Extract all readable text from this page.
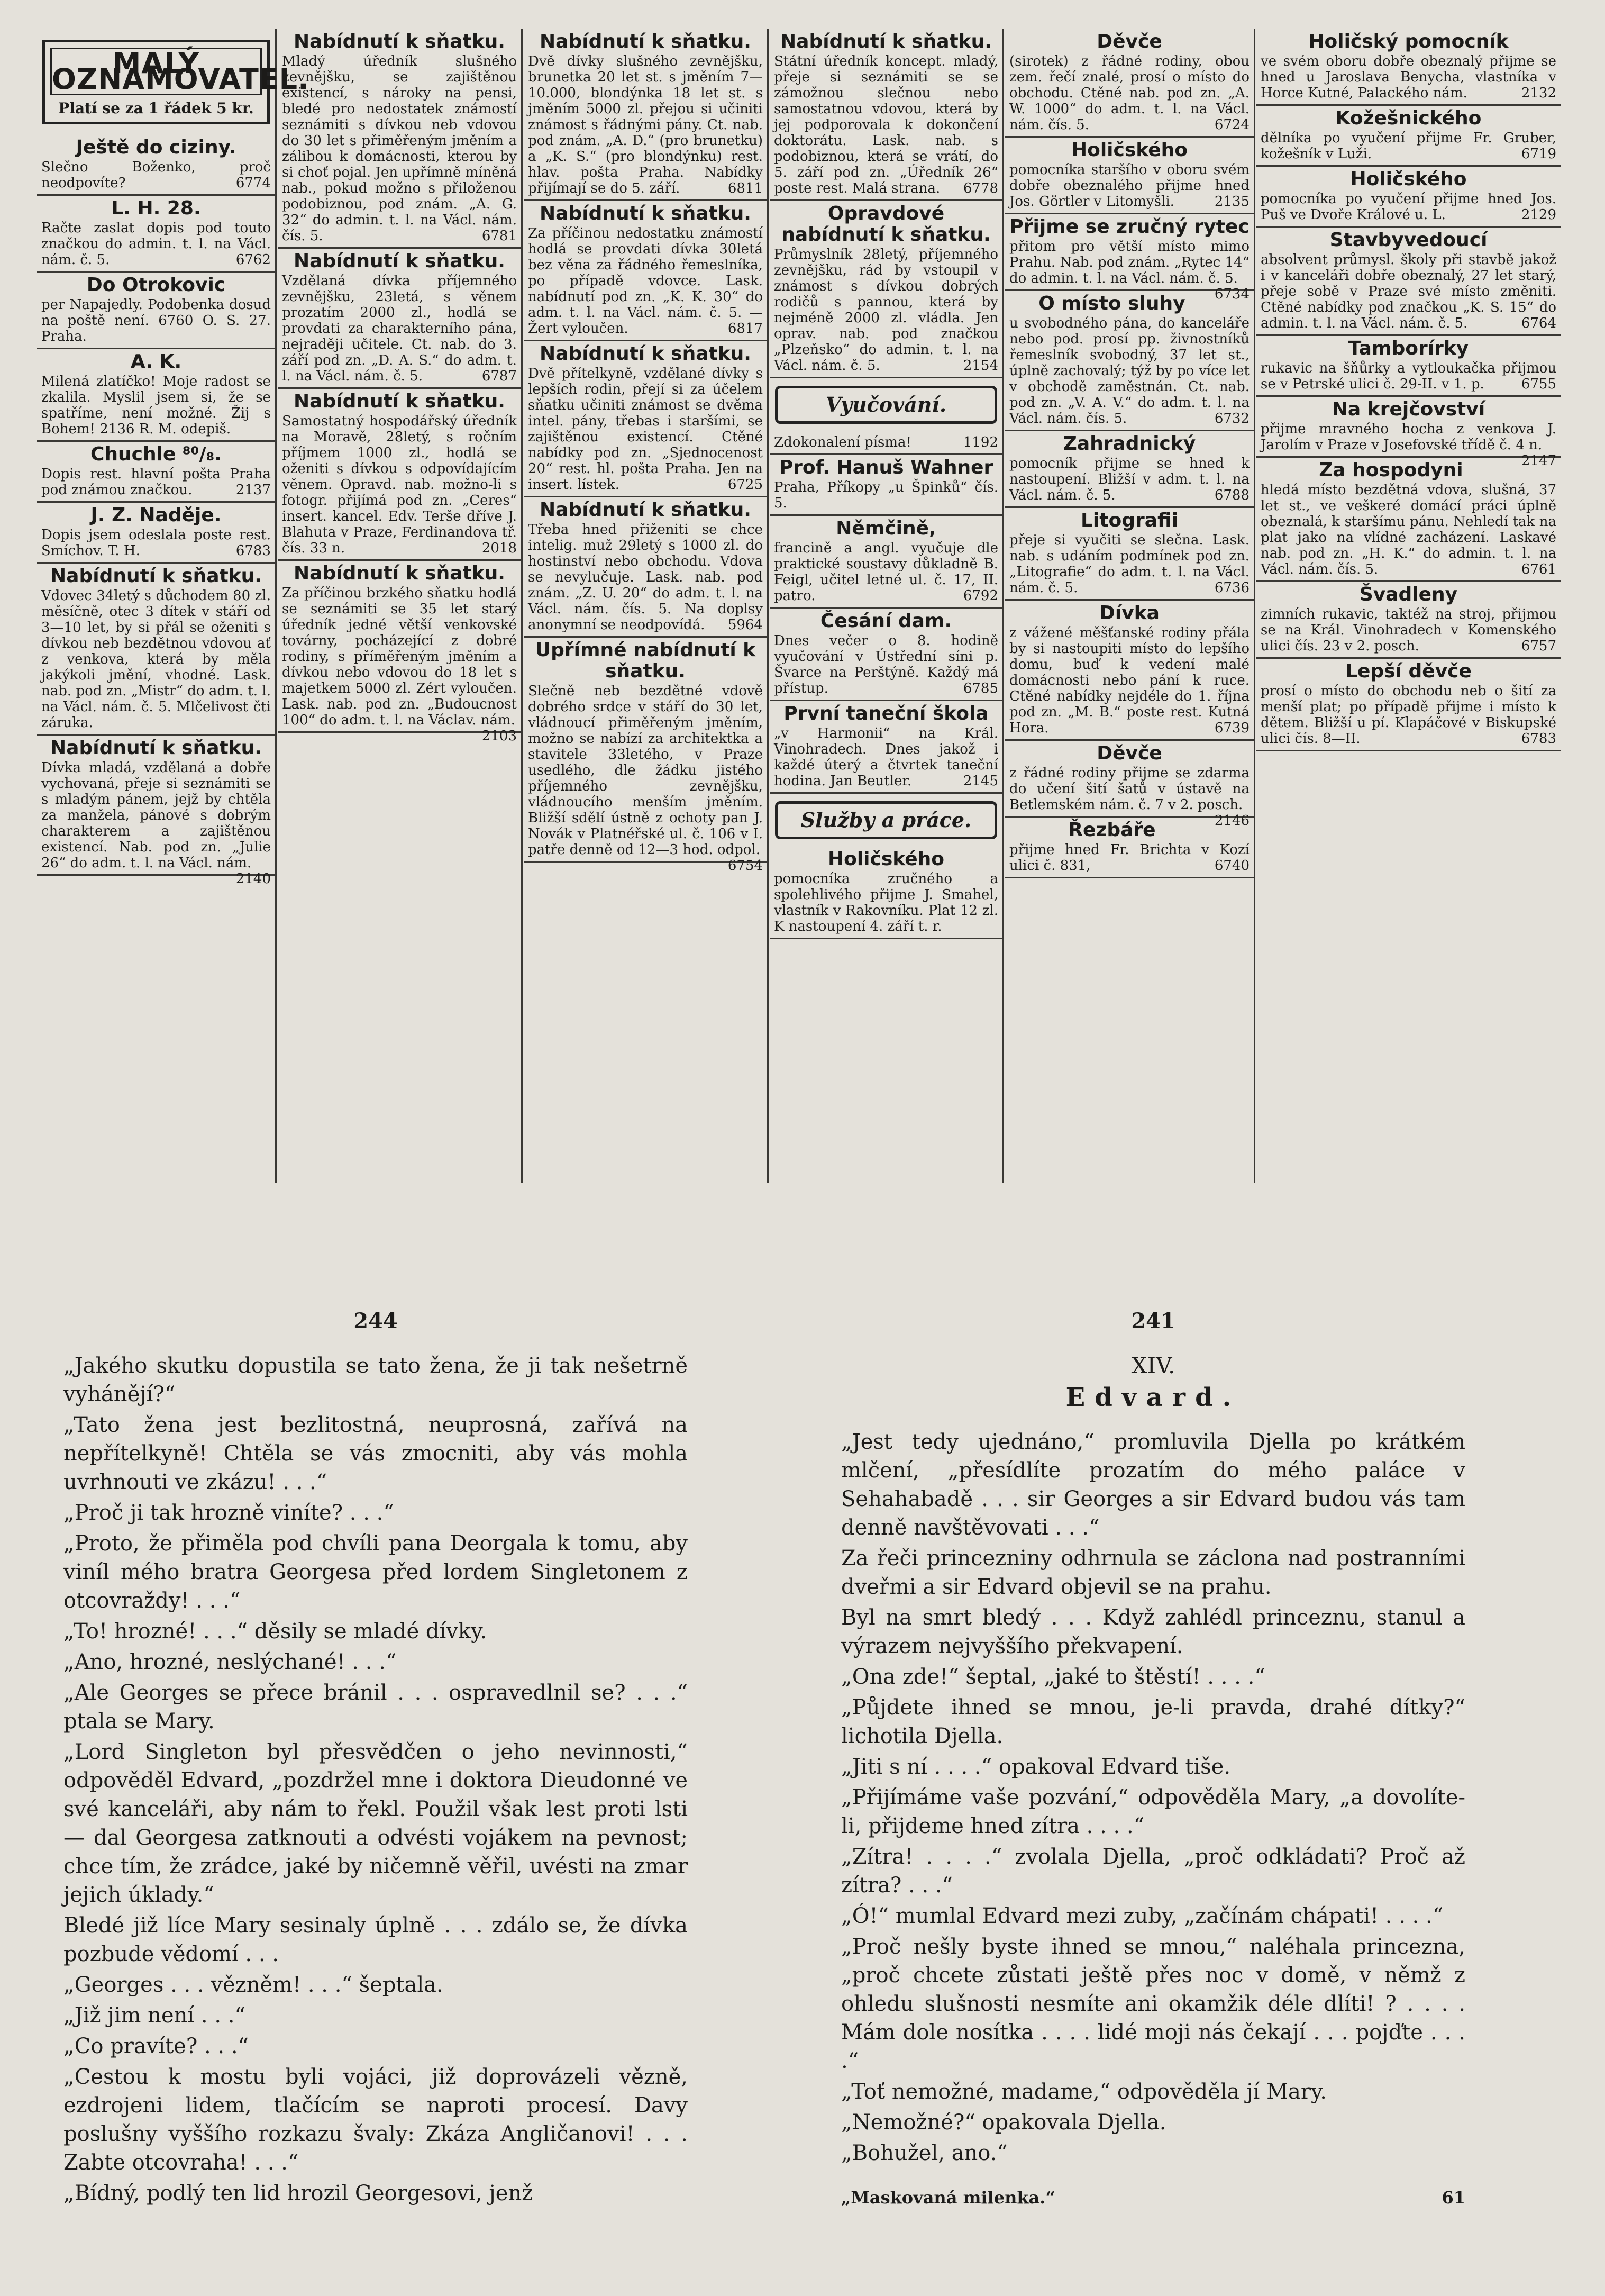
MALÝ OZNAMOVATEL.
Platí se za 1 řádek 5 kr.
Ještě do ciziny.

Slečno Boženko, proč neodpovíte?	6774

L. H. 28.

Račte zaslat dopis pod touto značkou do admin. t. l. na Václ. nám. č. 5.	6762

Do Otrokovic

per Napajedly. Podobenka dosud na poště není. 6760 O. S. 27. Praha.

A. K.

Milená zlatíčko! Moje radost se zkalila. Myslil jsem si, že se spatříme, není možné. Žij s Bohem! 2136 R. M. odepiš.

Chuchle ⁸⁰/₈.

Dopis rest. hlavní pošta Praha pod známou značkou.	2137

J. Z. Naděje.

Dopis jsem odeslala poste rest. Smíchov. T. H.	6783

Nabídnutí k sňatku.

Vdovec 34letý s důchodem 80 zl. měsíčně, otec 3 dítek v stáří od 3—10 let, by si přál se oženiti s dívkou neb bezdětnou vdovou ať z venkova, která by měla jakýkoli jmění, vhodné. Lask. nab. pod zn. „Mistr“ do adm. t. l. na Václ. nám. č. 5. Mlčelivost čti záruka.

Nabídnutí k sňatku.

Dívka mladá, vzdělaná a dobře vychovaná, přeje si seznámiti se s mladým pánem, jejž by chtěla za manžela, pánové s dobrým charakterem a zajištěnou existencí. Nab. pod zn. „Julie 26“ do adm. t. l. na Václ. nám.
2140

Nabídnutí k sňatku.

Mladý úředník slušného zevnějšku, se zajištěnou existencí, s nároky na pensi, bledé pro nedostatek známostí seznámiti s dívkou neb vdovou do 30 let s přiměřeným jměním a zálibou k domácnosti, kterou by si choť pojal. Jen upřímně míněná nab., pokud možno s přiloženou podobiznou, pod znám. „A. G. 32“ do admin. t. l. na Václ. nám. čís. 5.	6781

Nabídnutí k sňatku.

Vzdělaná dívka příjemného zevnějšku, 23letá, s věnem prozatím 2000 zl., hodlá se provdati za charakterního pána, nejraději učitele. Ct. nab. do 3. září pod zn. „D. A. S.“ do adm. t. l. na Václ. nám. č. 5.	6787

Nabídnutí k sňatku.

Samostatný hospodářský úředník na Moravě, 28letý, s ročním příjmem 1000 zl., hodlá se oženiti s dívkou s odpovídajícím věnem. Opravd. nab. možno-li s fotogr. přijímá pod zn. „Ceres“ insert. kancel. Edv. Terše dříve J. Blahuta v Praze, Ferdinandova tř. čís. 33 n.	2018

Nabídnutí k sňatku.

Za příčinou brzkého sňatku hodlá se seznámiti se 35 let starý úředník jedné větší venkovské továrny, pocházející z dobré rodiny, s příměřeným jměním a dívkou nebo vdovou do 18 let s majetkem 5000 zl. Zért vyloučen. Lask. nab. pod zn. „Budoucnost 100“ do adm. t. l. na Václav. nám.
2103

Nabídnutí k sňatku.

Dvě dívky slušného zevnějšku, brunetka 20 let st. s jměním 7—10.000, blondýnka 18 let st. s jměním 5000 zl. přejou si učiniti známost s řádnými pány. Ct. nab. pod znám. „A. D.“ (pro brunetku) a „K. S.“ (pro blondýnku) rest. hlav. pošta Praha. Nabídky přijímají se do 5. září.	6811

Nabídnutí k sňatku.

Za příčinou nedostatku známostí hodlá se provdati dívka 30letá bez věna za řádného řemeslníka, po případě vdovce. Lask. nabídnutí pod zn. „K. K. 30“ do adm. t. l. na Václ. nám. č. 5. — Žert vyloučen.	6817

Nabídnutí k sňatku.

Dvě přítelkyně, vzdělané dívky s lepších rodin, přejí si za účelem sňatku učiniti známost se dvěma intel. pány, třebas i staršími, se zajištěnou existencí. Ctěné nabídky pod zn. „Sjednocenost 20“ rest. hl. pošta Praha. Jen na insert. lístek.	6725

Nabídnutí k sňatku.

Třeba hned přiženiti se chce intelig. muž 29letý s 1000 zl. do hostinství nebo obchodu. Vdova se nevylučuje. Lask. nab. pod znám. „Z. U. 20“ do adm. t. l. na Václ. nám. čís. 5. Na doplsy anonymní se neodpovídá. 5964

Upřímné nabídnutí k sňatku.

Slečně neb bezdětné vdově dobrého srdce v stáří do 30 let, vládnoucí přiměřeným jměním, možno se nabízí za architektka a stavitele 33letého, v Praze usedlého, dle žádku jistého příjemného zevnějšku, vládnoucího menším jměním. Bližší sdělí ústně z ochoty pan J. Novák v Platnéřské ul. č. 106 v I. patře denně od 12—3 hod. odpol.
6754

Nabídnutí k sňatku.

Státní úředník koncept. mladý, přeje si seznámiti se se zámožnou slečnou nebo samostatnou vdovou, která by jej podporovala k dokončení doktorátu. Lask. nab. s podobiznou, která se vrátí, do 5. září pod zn. „Úředník 26“ poste rest. Malá strana. 6778

Opravdové nabídnutí k sňatku.

Průmyslník 28letý, příjemného zevnějšku, rád by vstoupil v známost s dívkou dobrých rodičů s pannou, která by nejméně 2000 zl. vládla. Jen oprav. nab. pod značkou „Plzeňsko“ do admin. t. l. na Václ. nám. č. 5.	2154

Vyučování.

Zdokonalení písma!	1192

Prof. Hanuš Wahner

Praha, Příkopy „u Špinků“ čís. 5.

Němčině,

francině a angl. vyučuje dle praktické soustavy důkladně B. Feigl, učitel letné ul. č. 17, II. patro.	6792

Česání dam.

Dnes večer o 8. hodině vyučování v Ústřední síni p. Švarce na Perštýně. Každý má přístup.	6785

První taneční škola

„v Harmonii“ na Král. Vinohradech. Dnes jakož i každé úterý a čtvrtek taneční hodina. Jan Beutler.	2145

Služby a práce.
Holičského

pomocníka zručného a spolehlivého přijme J. Smahel, vlastník v Rakovníku. Plat 12 zl. K nastoupení 4. září t. r.

Děvče

(sirotek) z řádné rodiny, obou zem. řečí znalé, prosí o místo do obchodu. Ctěné nab. pod zn. „A. W. 1000“ do adm. t. l. na Václ. nám. čís. 5.	6724

Holičského

pomocníka staršího v oboru svém dobře obeznalého přijme hned Jos. Görtler v Litomyšli.	2135

Přijme se zručný rytec

přitom pro větší místo mimo Prahu. Nab. pod znám. „Rytec 14“ do admin. t. l. na Václ. nám. č. 5.
6734

O místo sluhy

u svobodného pána, do kanceláře nebo pod. prosí pp. živnostníků řemeslník svobodný, 37 let st., úplně zachovalý; týž by po více let v obchodě zaměstnán. Ct. nab. pod zn. „V. A. V.“ do adm. t. l. na Václ. nám. čís. 5.	6732

Zahradnický

pomocník přijme se hned k nastoupení. Bližší v adm. t. l. na Václ. nám. č. 5.	6788

Litografii

přeje si vyučiti se slečna. Lask. nab. s udáním podmínek pod zn. „Litografie“ do adm. t. l. na Václ. nám. č. 5.	6736

Dívka

z vážené měšťanské rodiny přála by si nastoupiti místo do lepšího domu, buď k vedení malé domácnosti nebo pání k ruce. Ctěné nabídky nejdéle do 1. října pod zn. „M. B.“ poste rest. Kutná Hora.	6739

Děvče

z řádné rodiny přijme se zdarma do učení šití šatů v ústavě na Betlemském nám. č. 7 v 2. posch.
2146

Řezbáře

přijme hned Fr. Brichta v Kozí ulici č. 831,	6740

Holičský pomocník

ve svém oboru dobře obeznalý přijme se hned u Jaroslava Benycha, vlastníka v Horce Kutné, Palackého nám.	2132

Kožešnického

dělníka po vyučení přijme Fr. Gruber, kožešník v Luži.	6719

Holičského

pomocníka po vyučení přijme hned Jos. Puš ve Dvoře Králové u. L.	2129

Stavbyvedoucí

absolvent průmysl. školy při stavbě jakož i v kanceláři dobře obeznalý, 27 let starý, přeje sobě v Praze své místo změniti. Ctěné nabídky pod značkou „K. S. 15“ do admin. t. l. na Václ. nám. č. 5.	6764

Tamborírky

rukavic na šňůrky a vytloukačka přijmou se v Petrské ulici č. 29-II. v 1. p.	6755

Na krejčovství

přijme mravného hocha z venkova J. Jarolím v Praze v Josefovské třídě č. 4 n.
2147

Za hospodyni

hledá místo bezdětná vdova, slušná, 37 let st., ve veškeré domácí práci úplně obeznalá, k staršímu pánu. Nehledí tak na plat jako na vlídné zacházení. Laskavé nab. pod zn. „H. K.“ do admin. t. l. na Václ. nám. čís. 5.	6761

Švadleny

zimních rukavic, taktéž na stroj, přijmou se na Král. Vinohradech v Komenského ulici čís. 23 v 2. posch.	6757

Lepší děvče

prosí o místo do obchodu neb o šití za menší plat; po případě přijme i místo k dětem. Bližší u pí. Klapáčové v Biskupské ulici čís. 8—II.	6783

244

„Jakého skutku dopustila se tato žena, že ji tak nešetrně vyhánějí?“

„Tato žena jest bezlitostná, neuprosná, zařívá na nepřítelkyně! Chtěla se vás zmocniti, aby vás mohla uvrhnouti ve zkázu! . . .“

„Proč ji tak hrozně viníte? . . .“

„Proto, že přiměla pod chvíli pana Deorgala k tomu, aby viníl mého bratra Georgesa před lordem Singletonem z otcovraždy! . . .“

„To! hrozné! . . .“ děsily se mladé dívky.

„Ano, hrozné, neslýchané! . . .“

„Ale Georges se přece bránil . . . ospravedlnil se? . . .“ ptala se Mary.

„Lord Singleton byl přesvědčen o jeho nevinnosti,“ odpověděl Edvard, „pozdržel mne i doktora Dieudonné ve své kanceláři, aby nám to řekl. Použil však lest proti lsti — dal Georgesa zatknouti a odvésti vojákem na pevnost; chce tím, že zrádce, jaké by ničemně věřil, uvésti na zmar jejich úklady.“

Bledé již líce Mary sesinaly úplně . . . zdálo se, že dívka pozbude vědomí . . .

„Georges . . . vězněm! . . .“ šeptala.

„Již jim není . . .“

„Co pravíte? . . .“

„Cestou k mostu byli vojáci, již doprovázeli vězně, ezdrojeni lidem, tlačícím se naproti procesí. Davy poslušny vyššího rozkazu švaly: Zkáza Angličanovi! . . . Zabte otcovraha! . . .“

„Bídný, podlý ten lid hrozil Georgesovi, jenž

241
XIV.
Edvard.

„Jest tedy ujednáno,“ promluvila Djella po krátkém mlčení, „přesídlíte prozatím do mého paláce v Sehahabadě . . . sir Georges a sir Edvard budou vás tam denně navštěvovati . . .“

Za řeči princezniny odhrnula se záclona nad postranními dveřmi a sir Edvard objevil se na prahu.

Byl na smrt bledý . . . Když zahlédl princeznu, stanul a výrazem nejvyššího překvapení.

„Ona zde!“ šeptal, „jaké to štěstí! . . . .“

„Půjdete ihned se mnou, je-li pravda, drahé dítky?“ lichotila Djella.

„Jiti s ní . . . .“ opakoval Edvard tiše.

„Přijímáme vaše pozvání,“ odpověděla Mary, „a dovolíte-li, přijdeme hned zítra . . . .“

„Zítra! . . . .“ zvolala Djella, „proč odkládati? Proč až zítra? . . .“

„Ó!“ mumlal Edvard mezi zuby, „začínám chápati! . . . .“

„Proč nešly byste ihned se mnou,“ naléhala princezna, „proč chcete zůstati ještě přes noc v domě, v němž z ohledu slušnosti nesmíte ani okamžik déle dlíti! ? . . . . Mám dole nosítka . . . . lidé moji nás čekají . . . pojďte . . . .“

„Toť nemožné, madame,“ odpověděla jí Mary.

„Nemožné?“ opakovala Djella.

„Bohužel, ano.“

„Maskovaná milenka.“	61
